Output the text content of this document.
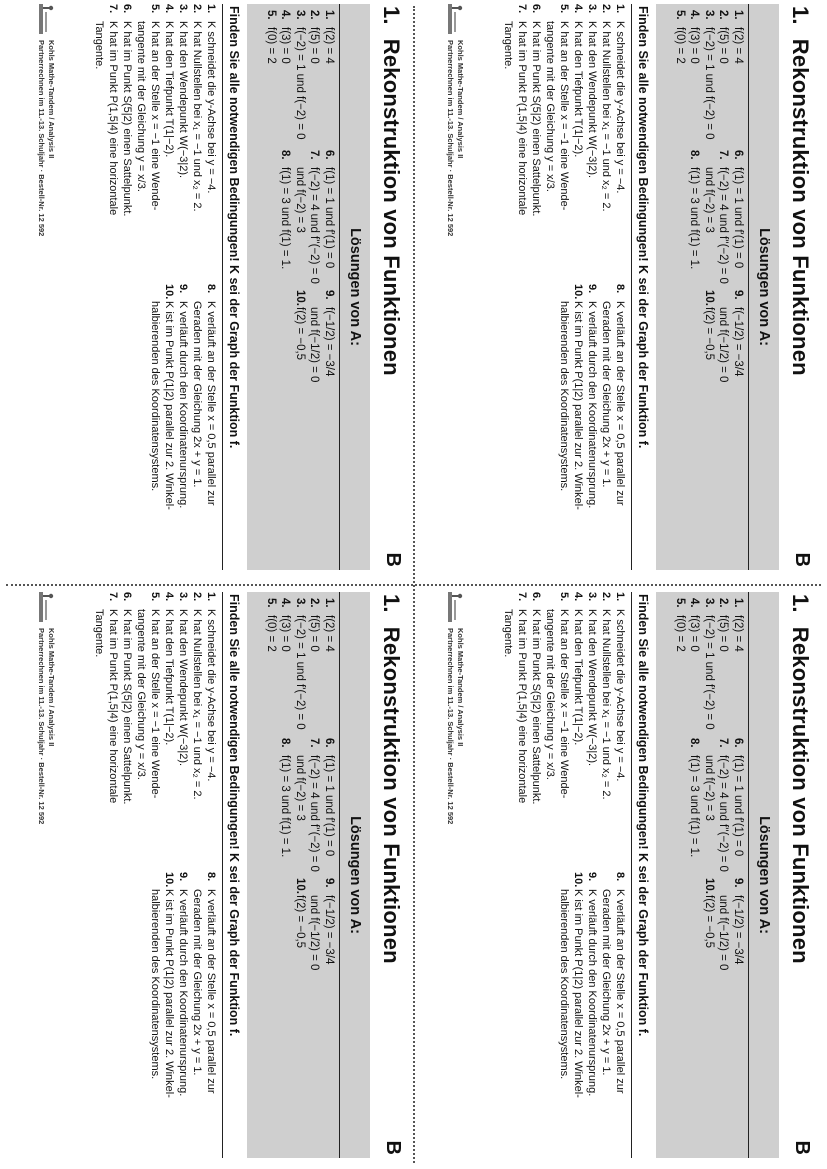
1.Rekonstruktion von Funktionen
B
Lösungen von A:
1.f(2) = 4
2.f(5) = 0
3.f(−2) = 1 und f(−2) = 0
4.f(3) = 0
5.f(0) = 2
6.f(1) = 1 und f'(1) = 0
7.f(−2) = 4 und f''(−2) = 0
und f(−2) = 3
8.f(1) = 3 und f(1) = 1.
9.f(−1/2) = −3/4
und f(−1/2) = 0
10.f(2) = −0,5
Finden Sie alle notwendigen Bedingungen! K sei der Graph der Funktion f.
1.K schneidet die y-Achse bei y = −4.
2.K hat Nullstellen bei x₁ = −1 und x₂ = 2.
3.K hat den Wendepunkt W(−3|2).
4.K hat den Tiefpunkt T(1|−2).
5.K hat an der Stelle x = −1 eine Wende-
tangente mit der Gleichung y = x/3.
6.K hat im Punkt S(5|2) einen Sattelpunkt.
7.K hat im Punkt P(1,5|4) eine horizontale
Tangente.
8.K verläuft an der Stelle x = 0,5 parallel zur
Geraden mit der Gleichung 2x + y = 1.
9.K verläuft durch den Koordinatenursprung.
10.K ist im Punkt P(1|2) parallel zur 2. Winkel-
halbierenden des Koordinatensystems.
Kohls Mathe-Tandem / Analysis II
Partnerrechnen im 11.-13. Schuljahr · Bestell-Nr. 12 592
1.Rekonstruktion von Funktionen
B
Lösungen von A:
1.f(2) = 4
2.f(5) = 0
3.f(−2) = 1 und f(−2) = 0
4.f(3) = 0
5.f(0) = 2
6.f(1) = 1 und f'(1) = 0
7.f(−2) = 4 und f''(−2) = 0
und f(−2) = 3
8.f(1) = 3 und f(1) = 1.
9.f(−1/2) = −3/4
und f(−1/2) = 0
10.f(2) = −0,5
Finden Sie alle notwendigen Bedingungen! K sei der Graph der Funktion f.
1.K schneidet die y-Achse bei y = −4.
2.K hat Nullstellen bei x₁ = −1 und x₂ = 2.
3.K hat den Wendepunkt W(−3|2).
4.K hat den Tiefpunkt T(1|−2).
5.K hat an der Stelle x = −1 eine Wende-
tangente mit der Gleichung y = x/3.
6.K hat im Punkt S(5|2) einen Sattelpunkt.
7.K hat im Punkt P(1,5|4) eine horizontale
Tangente.
8.K verläuft an der Stelle x = 0,5 parallel zur
Geraden mit der Gleichung 2x + y = 1.
9.K verläuft durch den Koordinatenursprung.
10.K ist im Punkt P(1|2) parallel zur 2. Winkel-
halbierenden des Koordinatensystems.
Kohls Mathe-Tandem / Analysis II
Partnerrechnen im 11.-13. Schuljahr · Bestell-Nr. 12 592
1.Rekonstruktion von Funktionen
B
Lösungen von A:
1.f(2) = 4
2.f(5) = 0
3.f(−2) = 1 und f'(−2) = 0
4.f(3) = 0
5.f(0) = 2
6.f(1) = 1 und f'(1) = 0
7.f(−2) = 4 und f''(−2) = 0
und f(−2) = 3
8.f(1) = 3 und f(1) = 1.
9.f(−1/2) = −3/4
und f(−1/2) = 0
10.f(2) = −0,5
Finden Sie alle notwendigen Bedingungen! K sei der Graph der Funktion f.
1.K schneidet die y-Achse bei y = −4.
2.K hat Nullstellen bei x₁ = −1 und x₂ = 2.
3.K hat den Wendepunkt W(−3|2).
4.K hat den Tiefpunkt T(1|−2).
5.K hat an der Stelle x = −1 eine Wende-
tangente mit der Gleichung y = x/3.
6.K hat im Punkt S(5|2) einen Sattelpunkt.
7.K hat im Punkt P(1,5|4) eine horizontale
Tangente.
8.K verläuft an der Stelle x = 0,5 parallel zur
Geraden mit der Gleichung 2x + y = 1.
9.K verläuft durch den Koordinatenursprung.
10.K ist im Punkt P(1|2) parallel zur 2. Winkel-
halbierenden des Koordinatensystems.
Kohls Mathe-Tandem / Analysis II
Partnerrechnen im 11.-13. Schuljahr · Bestell-Nr. 12 592
1.Rekonstruktion von Funktionen
B
Lösungen von A:
1.f(2) = 4
2.f(5) = 0
3.f(−2) = 1 und f'(−2) = 0
4.f(3) = 0
5.f(0) = 2
6.f(1) = 1 und f'(1) = 0
7.f(−2) = 4 und f''(−2) = 0
und f(−2) = 3
8.f(1) = 3 und f(1) = 1.
9.f(−1/2) = −3/4
und f(−1/2) = 0
10.f(2) = −0,5
Finden Sie alle notwendigen Bedingungen! K sei der Graph der Funktion f.
1.K schneidet die y-Achse bei y = −4.
2.K hat Nullstellen bei x₁ = −1 und x₂ = 2.
3.K hat den Wendepunkt W(−3|2).
4.K hat den Tiefpunkt T(1|−2).
5.K hat an der Stelle x = −1 eine Wende-
tangente mit der Gleichung y = x/3.
6.K hat im Punkt S(5|2) einen Sattelpunkt.
7.K hat im Punkt P(1,5|4) eine horizontale
Tangente.
8.K verläuft an der Stelle x = 0,5 parallel zur
Geraden mit der Gleichung 2x + y = 1.
9.K verläuft durch den Koordinatenursprung.
10.K ist im Punkt P(1|2) parallel zur 2. Winkel-
halbierenden des Koordinatensystems.
Kohls Mathe-Tandem / Analysis II
Partnerrechnen im 11.-13. Schuljahr · Bestell-Nr. 12 592
